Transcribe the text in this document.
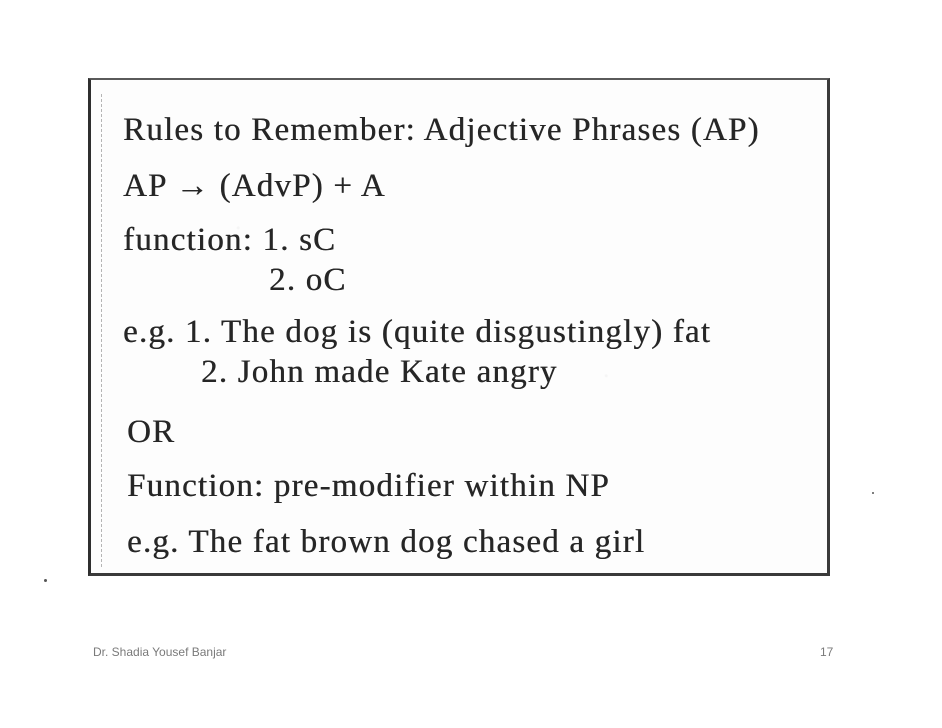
Rules to Remember: Adjective Phrases (AP)
AP → (AdvP) + A
function: 1. sC
2. oC
e.g. 1. The dog is (quite disgustingly) fat
2. John made Kate angry
OR
Function: pre-modifier within NP
e.g. The fat brown dog chased a girl
Dr. Shadia Yousef Banjar	17
